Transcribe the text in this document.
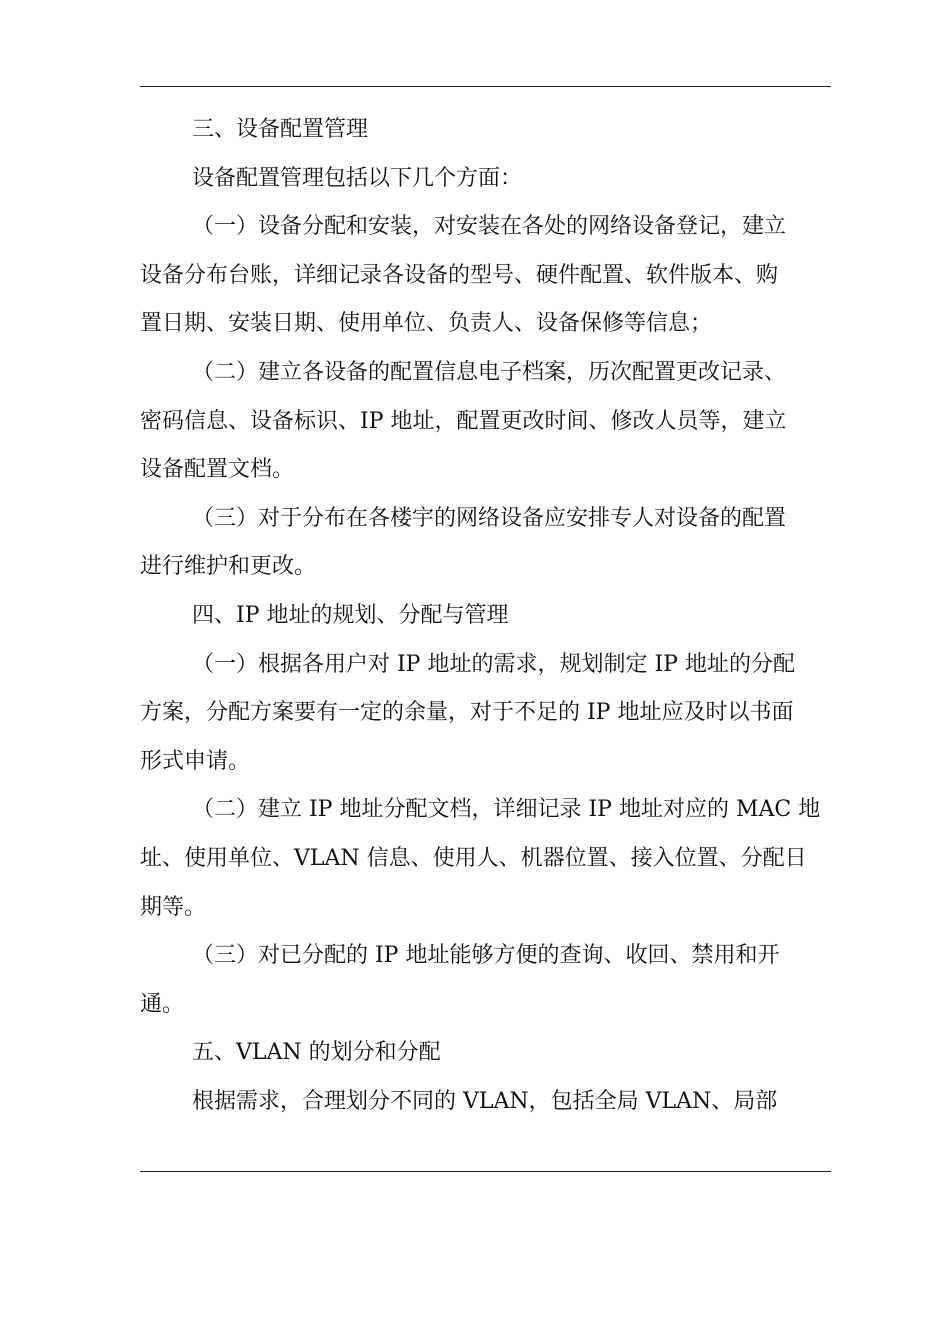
三、设备配置管理
设备配置管理包括以下几个方面：
（一）设备分配和安装，对安装在各处的网络设备登记，建立
设备分布台账，详细记录各设备的型号、硬件配置、软件版本、购
置日期、安装日期、使用单位、负责人、设备保修等信息；
（二）建立各设备的配置信息电子档案，历次配置更改记录、
密码信息、设备标识、IP 地址，配置更改时间、修改人员等，建立
设备配置文档。
（三）对于分布在各楼宇的网络设备应安排专人对设备的配置
进行维护和更改。
四、IP 地址的规划、分配与管理
（一）根据各用户对 IP 地址的需求，规划制定 IP 地址的分配
方案，分配方案要有一定的余量，对于不足的 IP 地址应及时以书面
形式申请。
（二）建立 IP 地址分配文档，详细记录 IP 地址对应的 MAC 地
址、使用单位、VLAN 信息、使用人、机器位置、接入位置、分配日
期等。
（三）对已分配的 IP 地址能够方便的查询、收回、禁用和开
通。
五、VLAN 的划分和分配
根据需求，合理划分不同的 VLAN，包括全局 VLAN、局部
